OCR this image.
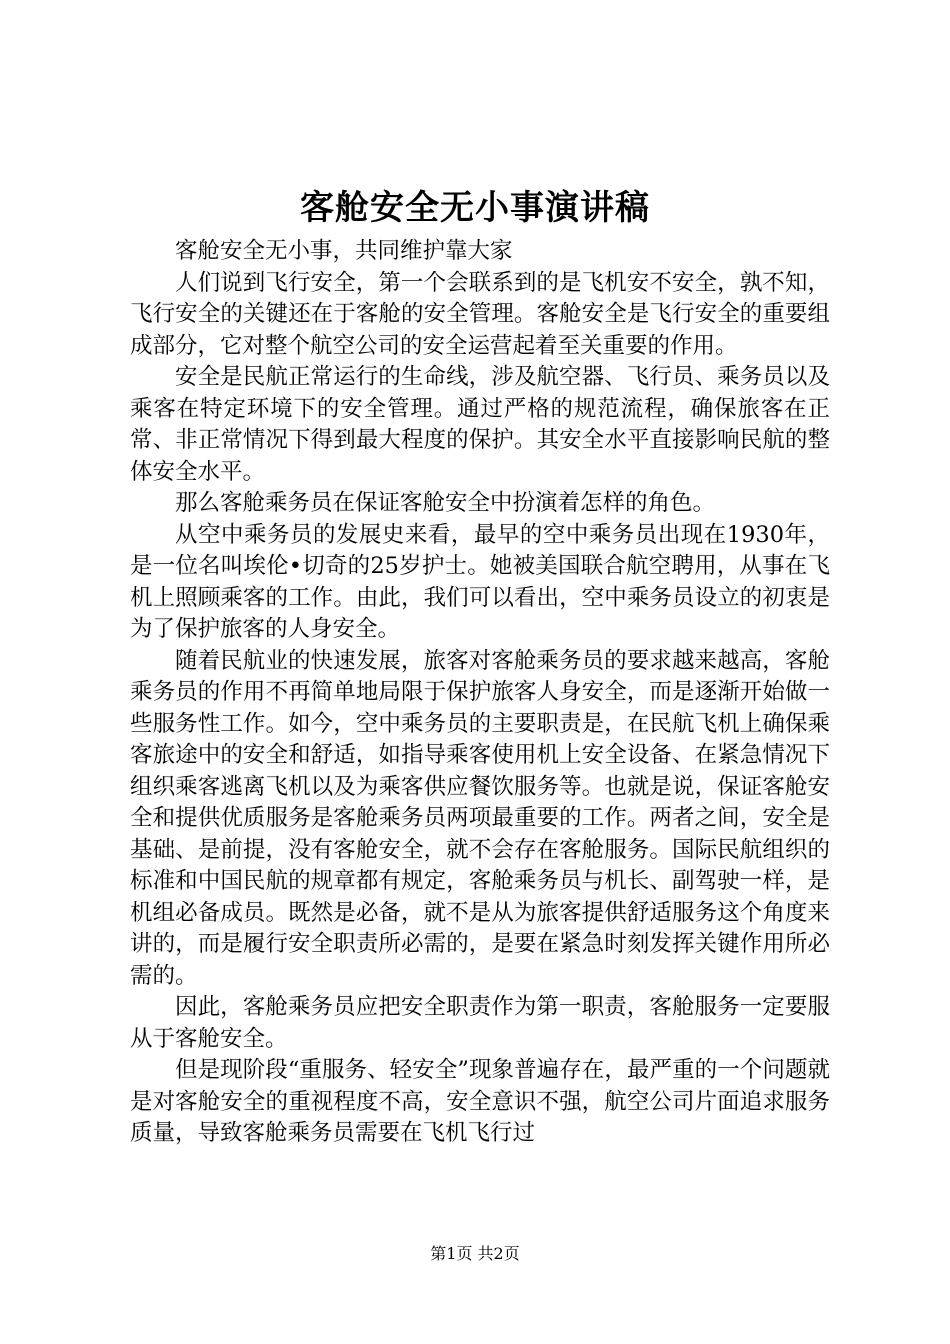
客舱安全无小事演讲稿

客舱安全无小事，共同维护靠大家

人们说到飞行安全，第一个会联系到的是飞机安不安全，孰不知，飞行安全的关键还在于客舱的安全管理。客舱安全是飞行安全的重要组成部分，它对整个航空公司的安全运营起着至关重要的作用。

安全是民航正常运行的生命线，涉及航空器、飞行员、乘务员以及乘客在特定环境下的安全管理。通过严格的规范流程，确保旅客在正常、非正常情况下得到最大程度的保护。其安全水平直接影响民航的整体安全水平。

那么客舱乘务员在保证客舱安全中扮演着怎样的角色。

从空中乘务员的发展史来看，最早的空中乘务员出现在1930年，是一位名叫埃伦•切奇的25岁护士。她被美国联合航空聘用，从事在飞机上照顾乘客的工作。由此，我们可以看出，空中乘务员设立的初衷是为了保护旅客的人身安全。

随着民航业的快速发展，旅客对客舱乘务员的要求越来越高，客舱乘务员的作用不再简单地局限于保护旅客人身安全，而是逐渐开始做一些服务性工作。如今，空中乘务员的主要职责是，在民航飞机上确保乘客旅途中的安全和舒适，如指导乘客使用机上安全设备、在紧急情况下组织乘客逃离飞机以及为乘客供应餐饮服务等。也就是说，保证客舱安全和提供优质服务是客舱乘务员两项最重要的工作。两者之间，安全是基础、是前提，没有客舱安全，就不会存在客舱服务。国际民航组织的标准和中国民航的规章都有规定，客舱乘务员与机长、副驾驶一样，是机组必备成员。既然是必备，就不是从为旅客提供舒适服务这个角度来讲的，而是履行安全职责所必需的，是要在紧急时刻发挥关键作用所必需的。

因此，客舱乘务员应把安全职责作为第一职责，客舱服务一定要服从于客舱安全。

但是现阶段“重服务、轻安全”现象普遍存在，最严重的一个问题就是对客舱安全的重视程度不高，安全意识不强，航空公司片面追求服务质量，导致客舱乘务员需要在飞机飞行过

第1页 共2页
